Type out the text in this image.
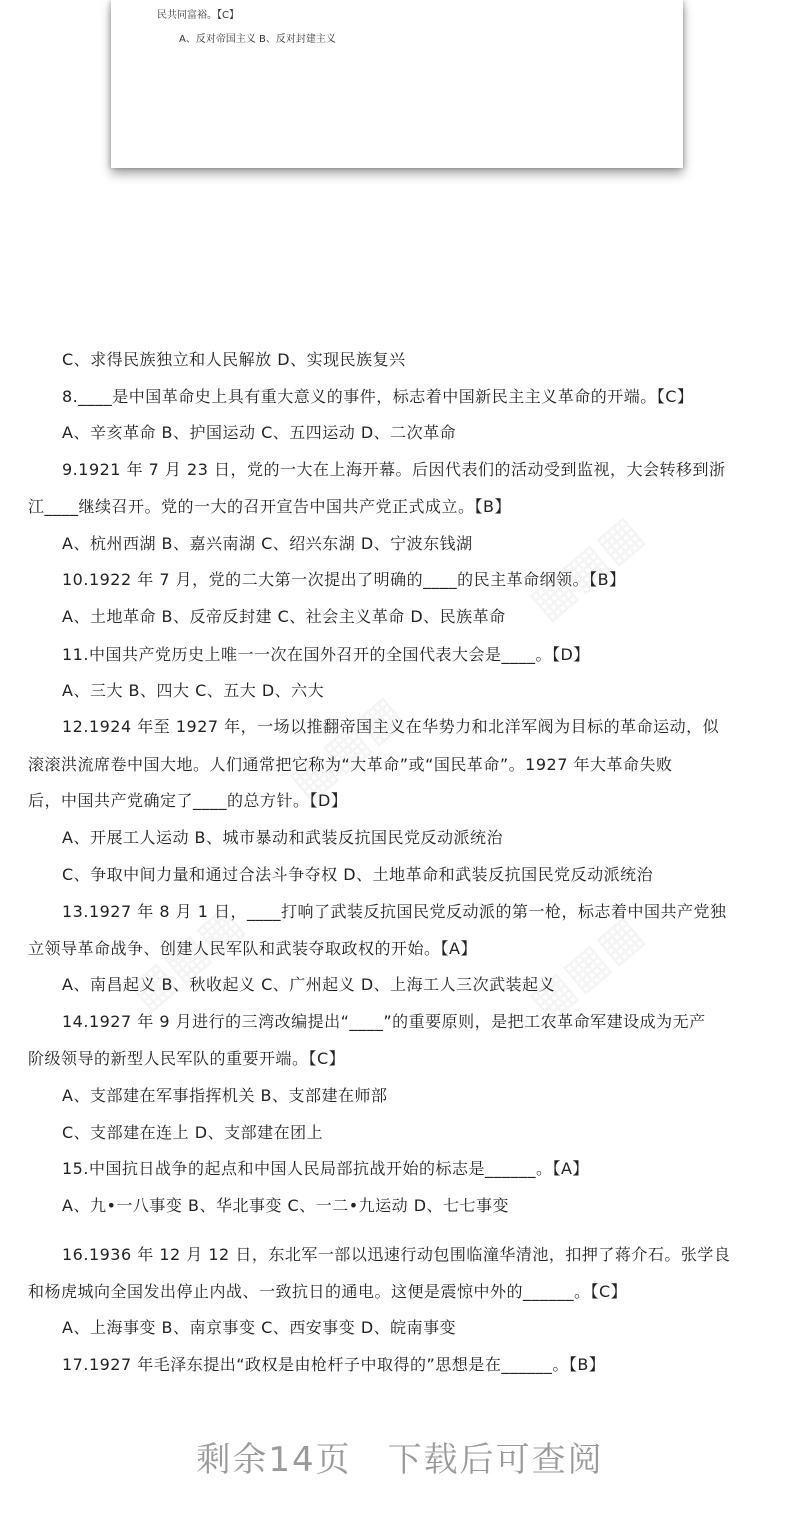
民共同富裕。【C】
A、反对帝国主义 B、反对封建主义
C、求得民族独立和人民解放 D、实现民族复兴
8.____是中国革命史上具有重大意义的事件，标志着中国新民主主义革命的开端。【C】
A、辛亥革命 B、护国运动 C、五四运动 D、二次革命
9.1921 年 7 月 23 日，党的一大在上海开幕。后因代表们的活动受到监视，大会转移到浙
江____继续召开。党的一大的召开宣告中国共产党正式成立。【B】
A、杭州西湖 B、嘉兴南湖 C、绍兴东湖 D、宁波东钱湖
10.1922 年 7 月，党的二大第一次提出了明确的____的民主革命纲领。【B】
A、土地革命 B、反帝反封建 C、社会主义革命 D、民族革命
11.中国共产党历史上唯一一次在国外召开的全国代表大会是____。【D】
A、三大 B、四大 C、五大 D、六大
12.1924 年至 1927 年，一场以推翻帝国主义在华势力和北洋军阀为目标的革命运动，似
滚滚洪流席卷中国大地。人们通常把它称为“大革命”或“国民革命”。1927 年大革命失败
后，中国共产党确定了____的总方针。【D】
A、开展工人运动 B、城市暴动和武装反抗国民党反动派统治
C、争取中间力量和通过合法斗争夺权 D、土地革命和武装反抗国民党反动派统治
13.1927 年 8 月 1 日，____打响了武装反抗国民党反动派的第一枪，标志着中国共产党独
立领导革命战争、创建人民军队和武装夺取政权的开始。【A】
A、南昌起义 B、秋收起义 C、广州起义 D、上海工人三次武装起义
14.1927 年 9 月进行的三湾改编提出“____”的重要原则，是把工农革命军建设成为无产
阶级领导的新型人民军队的重要开端。【C】
A、支部建在军事指挥机关 B、支部建在师部
C、支部建在连上 D、支部建在团上
15.中国抗日战争的起点和中国人民局部抗战开始的标志是______。【A】
A、九•一八事变 B、华北事变 C、一二•九运动 D、七七事变
16.1936 年 12 月 12 日，东北军一部以迅速行动包围临潼华清池，扣押了蒋介石。张学良
和杨虎城向全国发出停止内战、一致抗日的通电。这便是震惊中外的______。【C】
A、上海事变 B、南京事变 C、西安事变 D、皖南事变
17.1927 年毛泽东提出“政权是由枪杆子中取得的”思想是在______。【B】
剩余14页　下载后可查阅
